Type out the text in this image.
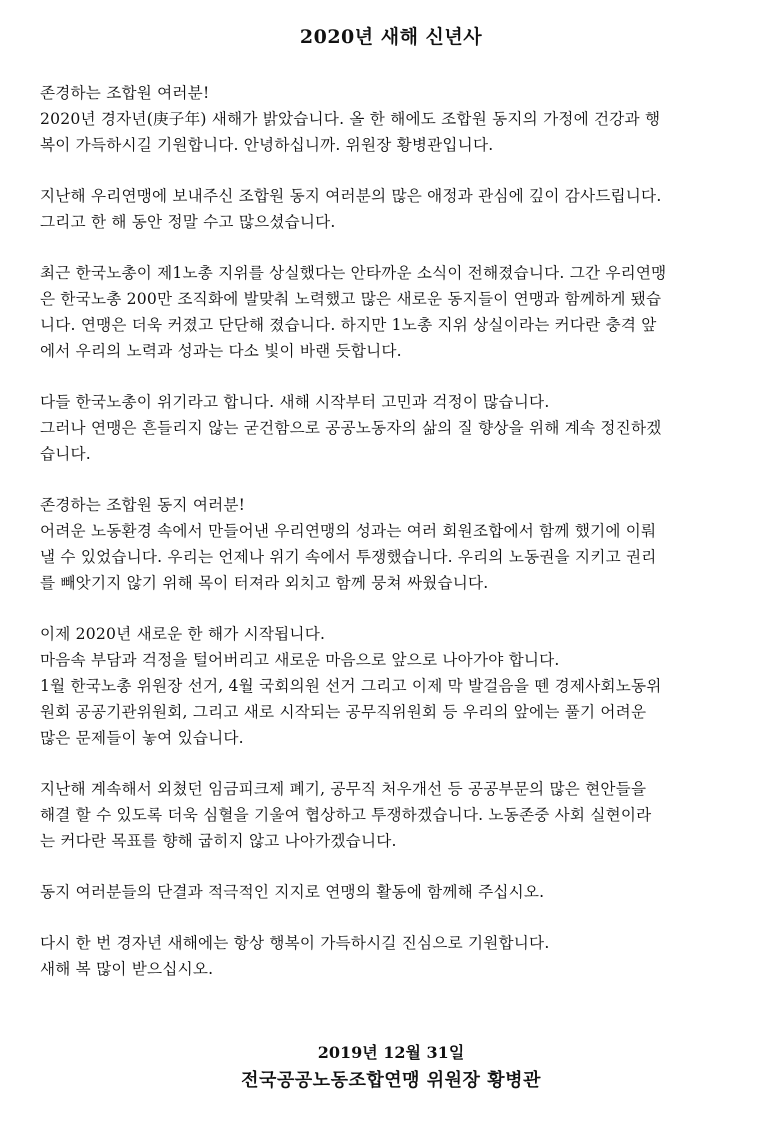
2020년 새해 신년사
존경하는 조합원 여러분!
2020년 경자년(庚子年) 새해가 밝았습니다. 올 한 해에도 조합원 동지의 가정에 건강과 행
복이 가득하시길 기원합니다. 안녕하십니까. 위원장 황병관입니다.
지난해 우리연맹에 보내주신 조합원 동지 여러분의 많은 애정과 관심에 깊이 감사드립니다.
그리고 한 해 동안 정말 수고 많으셨습니다.
최근 한국노총이 제1노총 지위를 상실했다는 안타까운 소식이 전해졌습니다. 그간 우리연맹
은 한국노총 200만 조직화에 발맞춰 노력했고 많은 새로운 동지들이 연맹과 함께하게 됐습
니다. 연맹은 더욱 커졌고 단단해 졌습니다. 하지만 1노총 지위 상실이라는 커다란 충격 앞
에서 우리의 노력과 성과는 다소 빛이 바랜 듯합니다.
다들 한국노총이 위기라고 합니다. 새해 시작부터 고민과 걱정이 많습니다.
그러나 연맹은 흔들리지 않는 굳건함으로 공공노동자의 삶의 질 향상을 위해 계속 정진하겠
습니다.
존경하는 조합원 동지 여러분!
어려운 노동환경 속에서 만들어낸 우리연맹의 성과는 여러 회원조합에서 함께 했기에 이뤄
낼 수 있었습니다. 우리는 언제나 위기 속에서 투쟁했습니다. 우리의 노동권을 지키고 권리
를 빼앗기지 않기 위해 목이 터져라 외치고 함께 뭉쳐 싸웠습니다.
이제 2020년 새로운 한 해가 시작됩니다.
마음속 부담과 걱정을 털어버리고 새로운 마음으로 앞으로 나아가야 합니다.
1월 한국노총 위원장 선거, 4월 국회의원 선거 그리고 이제 막 발걸음을 뗀 경제사회노동위
원회 공공기관위원회, 그리고 새로 시작되는 공무직위원회 등 우리의 앞에는 풀기 어려운
많은 문제들이 놓여 있습니다.
지난해 계속해서 외쳤던 임금피크제 폐기, 공무직 처우개선 등 공공부문의 많은 현안들을
해결 할 수 있도록 더욱 심혈을 기울여 협상하고 투쟁하겠습니다. 노동존중 사회 실현이라
는 커다란 목표를 향해 굽히지 않고 나아가겠습니다.
동지 여러분들의 단결과 적극적인 지지로 연맹의 활동에 함께해 주십시오.
다시 한 번 경자년 새해에는 항상 행복이 가득하시길 진심으로 기원합니다.
새해 복 많이 받으십시오.
2019년 12월 31일
전국공공노동조합연맹 위원장 황병관
